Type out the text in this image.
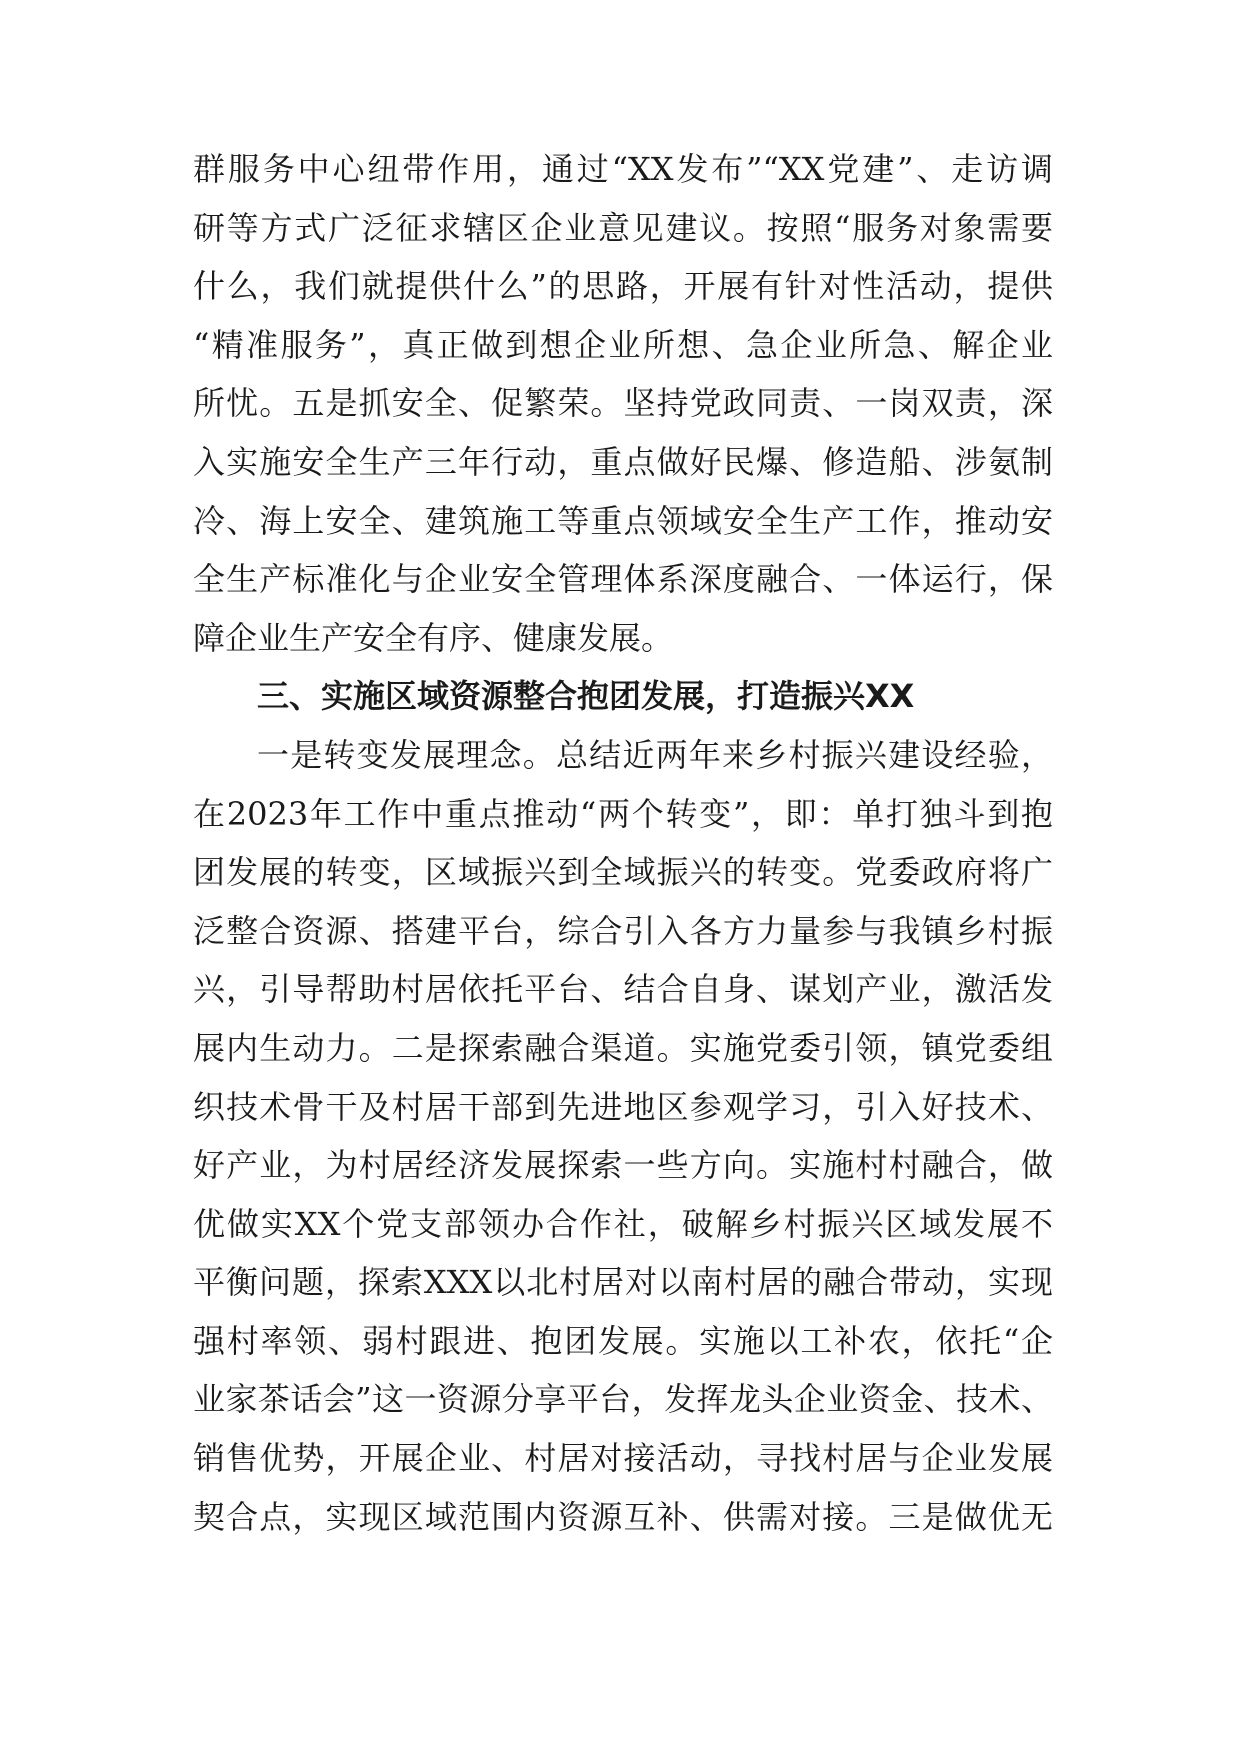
群服务中心纽带作用，通过“XX发布”“XX党建”、走访调
研等方式广泛征求辖区企业意见建议。按照“服务对象需要
什么，我们就提供什么”的思路，开展有针对性活动，提供
“精准服务”，真正做到想企业所想、急企业所急、解企业
所忧。五是抓安全、促繁荣。坚持党政同责、一岗双责，深
入实施安全生产三年行动，重点做好民爆、修造船、涉氨制
冷、海上安全、建筑施工等重点领域安全生产工作，推动安
全生产标准化与企业安全管理体系深度融合、一体运行，保
障企业生产安全有序、健康发展。
三、实施区域资源整合抱团发展，打造振兴XX
一是转变发展理念。总结近两年来乡村振兴建设经验，
在2023年工作中重点推动“两个转变”，即：单打独斗到抱
团发展的转变，区域振兴到全域振兴的转变。党委政府将广
泛整合资源、搭建平台，综合引入各方力量参与我镇乡村振
兴，引导帮助村居依托平台、结合自身、谋划产业，激活发
展内生动力。二是探索融合渠道。实施党委引领，镇党委组
织技术骨干及村居干部到先进地区参观学习，引入好技术、
好产业，为村居经济发展探索一些方向。实施村村融合，做
优做实XX个党支部领办合作社，破解乡村振兴区域发展不
平衡问题，探索XXX以北村居对以南村居的融合带动，实现
强村率领、弱村跟进、抱团发展。实施以工补农，依托“企
业家茶话会”这一资源分享平台，发挥龙头企业资金、技术、
销售优势，开展企业、村居对接活动，寻找村居与企业发展
契合点，实现区域范围内资源互补、供需对接。三是做优无
